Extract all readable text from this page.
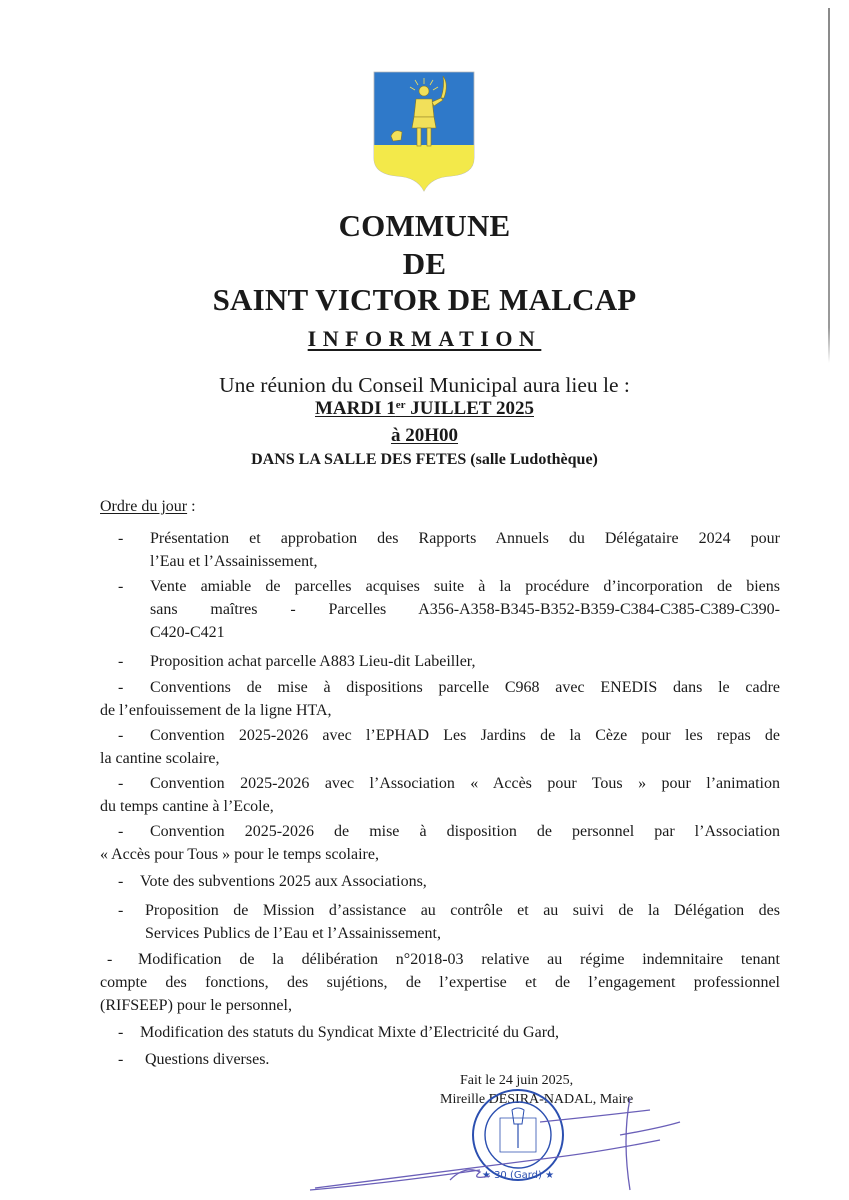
COMMUNE
DE
SAINT VICTOR DE MALCAP
INFORMATION
Une réunion du Conseil Municipal aura lieu le :
MARDI 1er JUILLET 2025
à 20H00
DANS LA SALLE DES FETES (salle Ludothèque)
Ordre du jour :
- Présentation et approbation des Rapports Annuels du Délégataire 2024 pour
l’Eau et l’Assainissement,
- Vente amiable de parcelles acquises suite à la procédure d’incorporation de biens
sans maîtres - Parcelles A356-A358-B345-B352-B359-C384-C385-C389-C390-
C420-C421
- Proposition achat parcelle A883 Lieu-dit Labeiller,
- Conventions de mise à dispositions parcelle C968 avec ENEDIS dans le cadre
de l’enfouissement de la ligne HTA,
- Convention 2025-2026 avec l’EPHAD Les Jardins de la Cèze pour les repas de
la cantine scolaire,
- Convention 2025-2026 avec l’Association « Accès pour Tous » pour l’animation
du temps cantine à l’Ecole,
- Convention 2025-2026 de mise à disposition de personnel par l’Association
« Accès pour Tous » pour le temps scolaire,
- Vote des subventions 2025 aux Associations,
- Proposition de Mission d’assistance au contrôle et au suivi de la Délégation des
Services Publics de l’Eau et l’Assainissement,
- Modification de la délibération n°2018-03 relative au régime indemnitaire tenant
compte des fonctions, des sujétions, de l’expertise et de l’engagement professionnel
(RIFSEEP) pour le personnel,
- Modification des statuts du Syndicat Mixte d’Electricité du Gard,
- Questions diverses.
Fait le 24 juin 2025,
Mireille DESIRA-NADAL, Maire
★ 30 (Gard) ★
